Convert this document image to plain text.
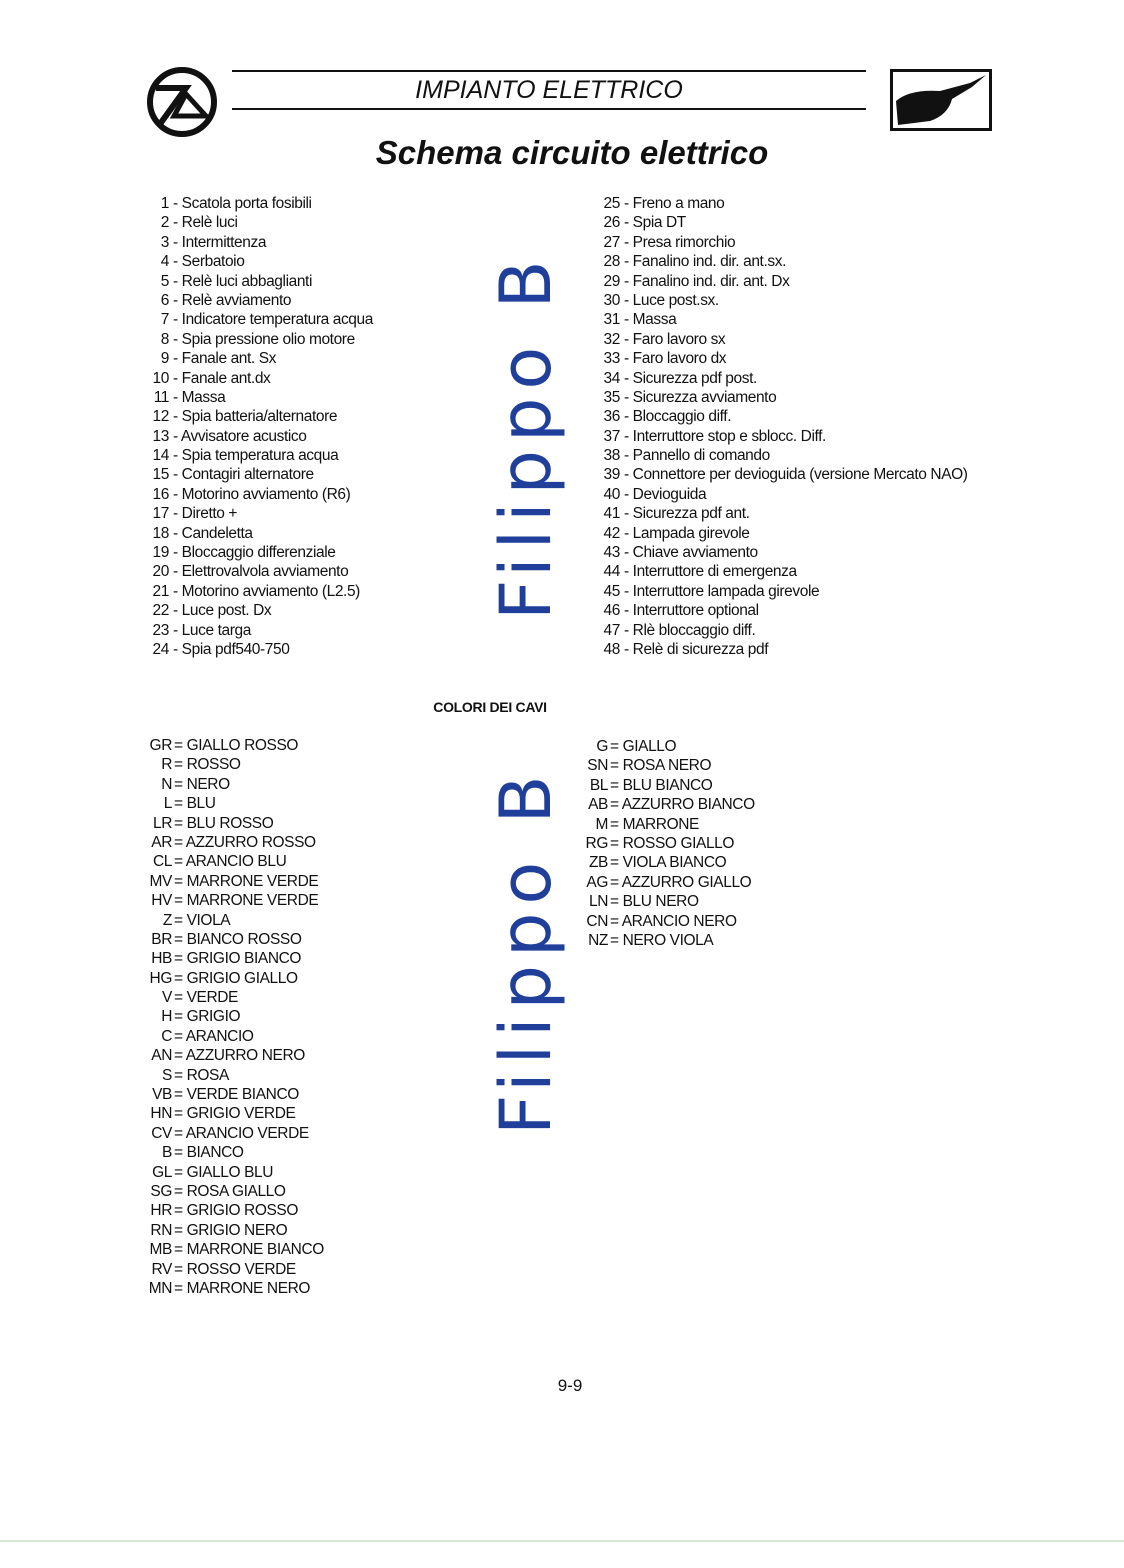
IMPIANTO ELETTRICO
Schema circuito elettrico
1 - Scatola porta fosibili
2 - Relè luci
3 - Intermittenza
4 - Serbatoio
5 - Relè luci abbaglianti
6 - Relè avviamento
7 - Indicatore temperatura acqua
8 - Spia pressione olio motore
9 - Fanale ant. Sx
10 - Fanale ant.dx
11 - Massa
12 - Spia batteria/alternatore
13 - Avvisatore acustico
14 - Spia temperatura acqua
15 - Contagiri alternatore
16 - Motorino avviamento (R6)
17 - Diretto +
18 - Candeletta
19 - Bloccaggio differenziale
20 - Elettrovalvola avviamento
21 - Motorino avviamento (L2.5)
22 - Luce post. Dx
23 - Luce targa
24 - Spia pdf540-750
25 - Freno a mano
26 - Spia DT
27 - Presa rimorchio
28 - Fanalino ind. dir. ant.sx.
29 - Fanalino ind. dir. ant. Dx
30 - Luce post.sx.
31 - Massa
32 - Faro lavoro sx
33 - Faro lavoro dx
34 - Sicurezza pdf post.
35 - Sicurezza avviamento
36 - Bloccaggio diff.
37 - Interruttore stop e sblocc. Diff.
38 - Pannello di comando
39 - Connettore per devioguida (versione Mercato NAO)
40 - Devioguida
41 - Sicurezza pdf ant.
42 - Lampada girevole
43 - Chiave avviamento
44 - Interruttore di emergenza
45 - Interruttore lampada girevole
46 - Interruttore optional
47 - Rlè bloccaggio diff.
48 - Relè di sicurezza pdf
COLORI DEI CAVI
GR = GIALLO ROSSO
R = ROSSO
N = NERO
L = BLU
LR = BLU ROSSO
AR = AZZURRO ROSSO
CL = ARANCIO BLU
MV = MARRONE VERDE
HV = MARRONE VERDE
Z = VIOLA
BR = BIANCO ROSSO
HB = GRIGIO BIANCO
HG = GRIGIO GIALLO
V = VERDE
H = GRIGIO
C = ARANCIO
AN = AZZURRO NERO
S = ROSA
VB = VERDE BIANCO
HN = GRIGIO VERDE
CV = ARANCIO VERDE
B = BIANCO
GL = GIALLO BLU
SG = ROSA GIALLO
HR = GRIGIO ROSSO
RN = GRIGIO NERO
MB = MARRONE BIANCO
RV = ROSSO VERDE
MN = MARRONE NERO
G = GIALLO
SN = ROSA NERO
BL = BLU BIANCO
AB = AZZURRO BIANCO
M = MARRONE
RG = ROSSO GIALLO
ZB = VIOLA BIANCO
AG = AZZURRO GIALLO
LN = BLU NERO
CN = ARANCIO NERO
NZ = NERO VIOLA
Filippo B
Filippo B
9-9
